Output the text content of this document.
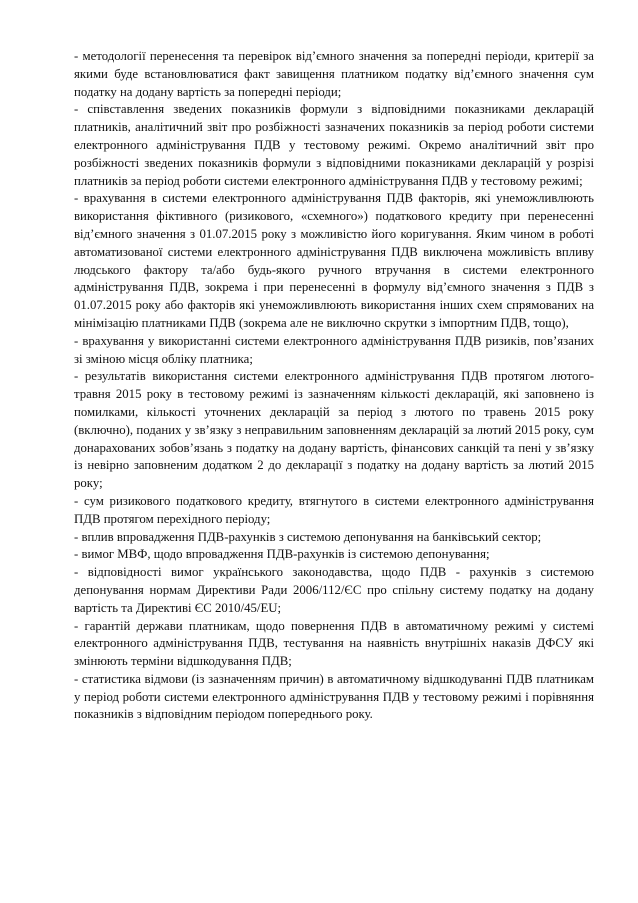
- методології перенесення та перевірок від’ємного значення за попередні періоди, критерії за якими буде встановлюватися факт завищення платником податку від’ємного значення сум податку на додану вартість за попередні періоди;

- співставлення зведених показників формули з відповідними показниками декларацій платників, аналітичний звіт про розбіжності зазначених показників за період роботи системи електронного адміністрування ПДВ у тестовому режимі. Окремо аналітичний звіт про розбіжності зведених показників формули з відповідними показниками декларацій у розрізі платників за період роботи системи електронного адміністрування ПДВ у тестовому режимі;

- врахування в системи електронного адміністрування ПДВ факторів, які унеможливлюють використання фіктивного (ризикового, «схемного») податкового кредиту при перенесенні від’ємного значення з 01.07.2015 року з можливістю його коригування. Яким чином в роботі автоматизованої системи електронного адміністрування ПДВ виключена можливість впливу людського фактору та/або будь-якого ручного втручання в системи електронного адміністрування ПДВ, зокрема і при перенесенні в формулу від’ємного значення з ПДВ з 01.07.2015 року або факторів які унеможливлюють використання інших схем спрямованих на мінімізацію платниками ПДВ (зокрема але не виключно скрутки з імпортним ПДВ, тощо),

- врахування у використанні системи електронного адміністрування ПДВ ризиків, пов’язаних зі зміною місця обліку платника;

- результатів використання системи електронного адміністрування ПДВ протягом лютого-травня 2015 року в тестовому режимі із зазначенням кількості декларацій, які заповнено із помилками, кількості уточнених декларацій за період з лютого по травень 2015 року (включно), поданих у зв’язку з неправильним заповненням декларацій за лютий 2015 року, сум донарахованих зобов’язань з податку на додану вартість, фінансових санкцій та пені у зв’язку із невірно заповненим додатком 2 до декларації з податку на додану вартість за лютий 2015 року;

- сум ризикового податкового кредиту, втягнутого в системи електронного адміністрування ПДВ протягом перехідного періоду;

- вплив впровадження ПДВ-рахунків з системою депонування на банківський сектор;

- вимог МВФ, щодо впровадження ПДВ-рахунків із системою депонування;

- відповідності вимог українського законодавства, щодо ПДВ - рахунків з системою депонування нормам Директиви Ради 2006/112/ЄС про спільну систему податку на додану вартість та Директиві ЄС 2010/45/EU;

- гарантій держави платникам, щодо повернення ПДВ в автоматичному режимі у системі електронного адміністрування ПДВ, тестування на наявність внутрішніх наказів ДФСУ які змінюють терміни відшкодування ПДВ;

- статистика відмови (із зазначенням причин) в автоматичному відшкодуванні ПДВ платникам у період роботи системи електронного адміністрування ПДВ у тестовому режимі і порівняння показників з відповідним періодом попереднього року.
